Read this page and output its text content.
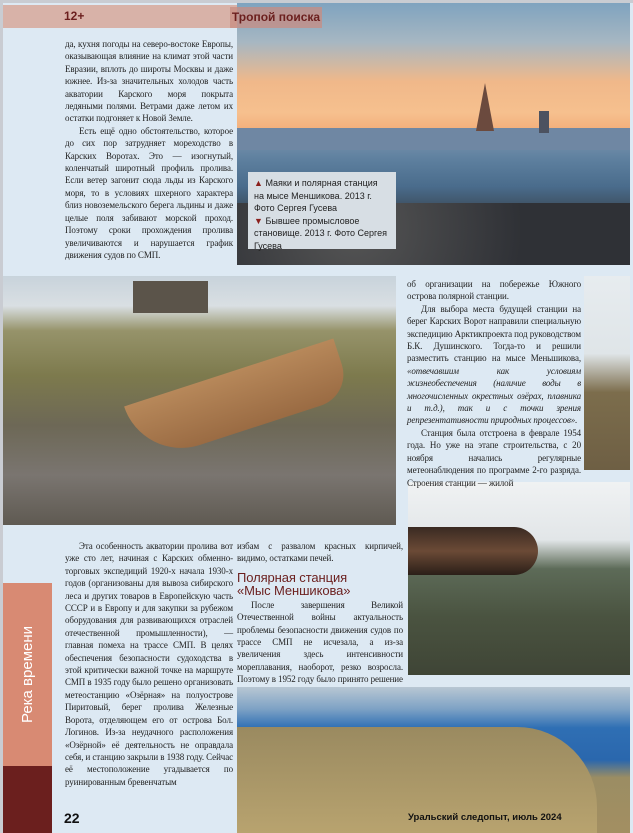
12+	Тропой поиска

да, кухня погоды на северо-востоке Европы, оказывающая влияние на климат этой части Евразии, вплоть до широты Москвы и даже южнее. Из-за значительных холодов часть акватории Карского моря покрыта ледяными полями. Ветрами даже летом их остатки подгоняет к Новой Земле.

Есть ещё одно обстоятельство, которое до сих пор затрудняет мореходство в Карских Воротах. Это — изогнутый, коленчатый широтный профиль пролива. Если ветер загонит сюда льды из Карского моря, то в условиях шхерного характера близ новоземельского берега льдины и даже целые поля забивают морской проход. Поэтому сроки прохождения пролива увеличиваются и нарушается график движения судов по СМП.

▲ Маяки и полярная станция на мысе Меншикова. 2013 г. Фото Сергея Гусева
▼ Бывшее промысловое становище. 2013 г. Фото Сергея Гусева

об организации на побережье Южного острова полярной станции.

Для выбора места будущей станции на берег Карских Ворот направили специальную экспедицию Арктикпроекта под руководством Б.К. Душинского. Тогда-то и решили разместить станцию на мысе Меньшикова, «отвечавшим как условиям жизнеобеспечения (наличие воды в многочисленных окрестных озёрах, плавника и т.д.), так и с точки зрения репрезентативности природных процессов».

Станция была отстроена в феврале 1954 года. Но уже на этапе строительства, с 20 ноября начались регулярные метеонаблюдения по программе 2-го разряда. Строения станции — жилой

Эта особенность акватории пролива вот уже сто лет, начиная с Карских обменно-торговых экспедиций 1920-х начала 1930-х годов (организованы для вывоза сибирского леса и других товаров в Европейскую часть СССР и в Европу и для закупки за рубежом оборудования для развивающихся отраслей отечественной промышленности), — главная помеха на трассе СМП. В целях обеспечения безопасности судоходства в этой критически важной точке на маршруте СМП в 1935 году было решено организовать метеостанцию «Озёрная» на полуострове Пиритовый, берег пролива Железные Ворота, отделяющем его от острова Бол. Логинов. Из-за неудачного расположения «Озёрной» её деятельность не оправдала себя, и станцию закрыли в 1938 году. Сейчас её местоположение угадывается по руинированным бревенчатым

избам с развалом красных кирпичей, видимо, остатками печей.

Полярная станция
«Мыс Меншикова»

После завершения Великой Отечественной войны актуальность проблемы безопасности движения судов по трассе СМП не исчезала, а из-за увеличения здесь интенсивности мореплавания, наоборот, резко возросла. Поэтому в 1952 году было принято решение

Река времени
22	Уральский следопыт, июль 2024
